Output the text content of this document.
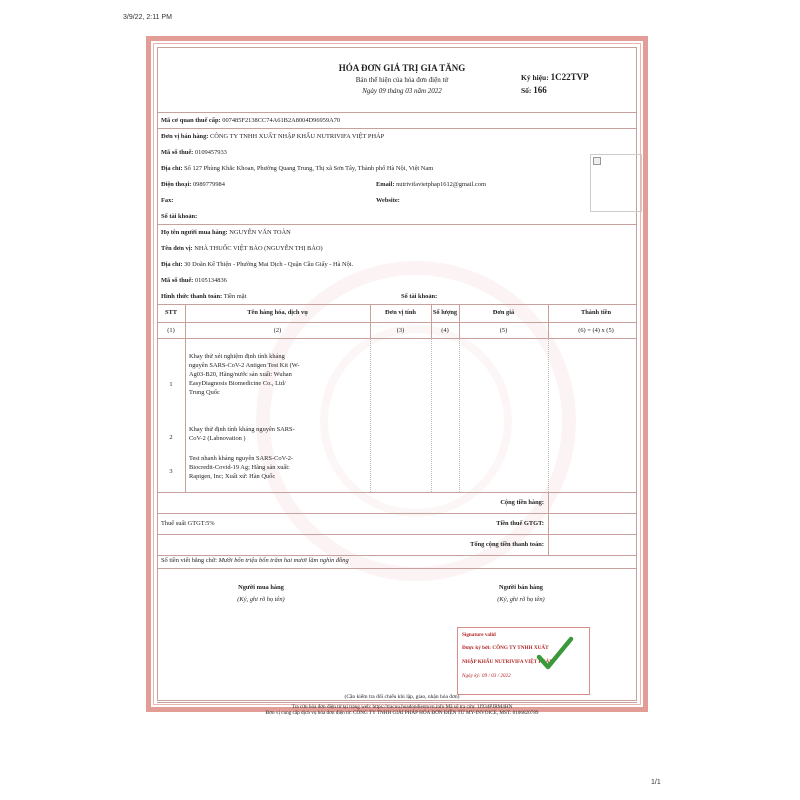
3/9/22, 2:11 PM
HÓA ĐƠN GIÁ TRỊ GIA TĂNG
Bản thể hiện của hóa đơn điện tử
Ngày 09 tháng 03 năm 2022
Ký hiệu: 1C22TVP
Số: 166
Mã cơ quan thuế cấp: 007485F2138CC74A61B2A8004D96959A70
Đơn vị bán hàng: CÔNG TY TNHH XUẤT NHẬP KHẨU NUTRIVIFA VIỆT PHÁP
Mã số thuế: 0109457933
Địa chỉ: Số 127 Phùng Khắc Khoan, Phường Quang Trung, Thị xã Sơn Tây, Thành phố Hà Nội, Việt Nam
Điện thoại: 0989779984	Email: nutrivifavietphap1612@gmail.com
Fax:	Website:
Số tài khoản:
Họ tên người mua hàng: NGUYỄN VĂN TOÀN
Tên đơn vị: NHÀ THUỐC VIỆT BẢO (NGUYỄN THỊ BẢO)
Địa chỉ: 30 Doãn Kế Thiện - Phường Mai Dịch - Quận Cầu Giấy - Hà Nội.
Mã số thuế: 0105134836
Hình thức thanh toán: Tiền mặt	Số tài khoản:
STT	Tên hàng hóa, dịch vụ	Đơn vị tính	Số lượng	Đơn giá	Thành tiền
(1)	(2)	(3)	(4)	(5)	(6) = (4) x (5)
1
Khay thử xét nghiệm định tính kháng
nguyên SARS-CoV-2 Antigen Test Kit (W-
Ag03-B20, Hãng/nước sản xuất: Wuhan
EasyDiagnosis Biomedicine Co., Ltd/
Trung Quốc
2
Khay thử định tính kháng nguyên SARS-
CoV-2 (Labnovation )
3
Test nhanh kháng nguyên SARS-CoV-2-
Biocredit-Covid-19 Ag; Hãng sản xuất:
Rapigen, Inc; Xuất xứ: Hàn Quốc
Cộng tiền hàng:
Thuế suất GTGT:5%	Tiền thuế GTGT:
Tổng cộng tiền thanh toán:
Số tiền viết bằng chữ: Mười bốn triệu bốn trăm hai mươi lăm nghìn đồng
Người mua hàng
(Ký, ghi rõ họ tên)
Người bán hàng
(Ký, ghi rõ họ tên)
Signature valid
Được ký bởi: CÔNG TY TNHH XUẤT
NHẬP KHẨU NUTRIVIFA VIỆT PHÁP
Ngày ký: 09 / 03 / 2022
(Cần kiểm tra đối chiếu khi lập, giao, nhận hóa đơn)
Tra cứu hóa đơn điện tử tại trang web: https://tracuu.hoadondientuvn.info Mã số tra cứu: 1J934PJRM4HN
Đơn vị cung cấp dịch vụ hóa đơn điện tử: CÔNG TY TNHH GIẢI PHÁP HÓA ĐƠN ĐIỆN TỬ MY-INVOICE, MST: 0106820789
1/1
